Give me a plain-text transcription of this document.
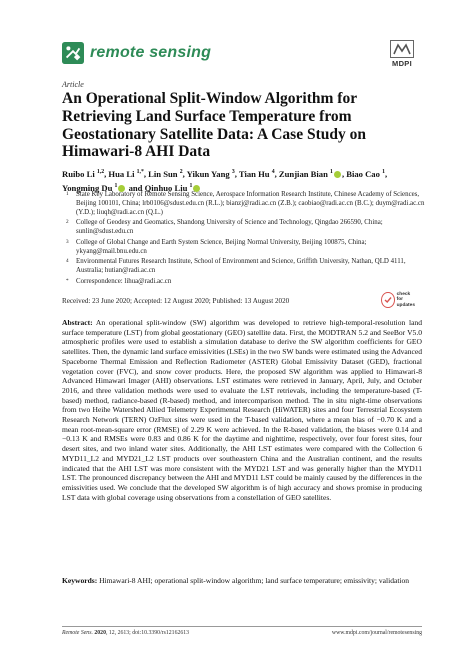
remote sensing
MDPI
Article
An Operational Split-Window Algorithm for Retrieving Land Surface Temperature from Geostationary Satellite Data: A Case Study on Himawari-8 AHI Data
Ruibo Li $^{1,2}$, Hua Li $^{1,*}$, Lin Sun $^2$, Yikun Yang $^3$, Tian Hu $^4$, Zunjian Bian $^1$ , Biao Cao $^1$, Yongming Du $^1$ and Qinhuo Liu $^1$
1	State Key Laboratory of Remote Sensing Science, Aerospace Information Research Institute, Chinese Academy of Sciences, Beijing 100101, China; lrb0106@sdust.edu.cn (R.L.); bianzj@radi.ac.cn (Z.B.); caobiao@radi.ac.cn (B.C.); duym@radi.ac.cn (Y.D.); liuqh@radi.ac.cn (Q.L.)
2	College of Geodesy and Geomatics, Shandong University of Science and Technology, Qingdao 266590, China; sunlin@sdust.edu.cn
3	College of Global Change and Earth System Science, Beijing Normal University, Beijing 100875, China; ykyang@mail.bnu.edu.cn
4	Environmental Futures Research Institute, School of Environment and Science, Griffith University, Nathan, QLD 4111, Australia; hutian@radi.ac.cn
*	Correspondence: lihua@radi.ac.cn
Received: 23 June 2020; Accepted: 12 August 2020; Published: 13 August 2020
check for
updates
Abstract: An operational split-window (SW) algorithm was developed to retrieve high-temporal-resolution land surface temperature (LST) from global geostationary (GEO) satellite data. First, the MODTRAN 5.2 and SeeBor V5.0 atmospheric profiles were used to establish a simulation database to derive the SW algorithm coefficients for GEO satellites. Then, the dynamic land surface emissivities (LSEs) in the two SW bands were estimated using the Advanced Spaceborne Thermal Emission and Reflection Radiometer (ASTER) Global Emissivity Dataset (GED), fractional vegetation cover (FVC), and snow cover products. Here, the proposed SW algorithm was applied to Himawari-8 Advanced Himawari Imager (AHI) observations. LST estimates were retrieved in January, April, July, and October 2016, and three validation methods were used to evaluate the LST retrievals, including the temperature-based (T-based) method, radiance-based (R-based) method, and intercomparison method. The in situ night-time observations from two Heihe Watershed Allied Telemetry Experimental Research (HiWATER) sites and four Terrestrial Ecosystem Research Network (TERN) OzFlux sites were used in the T-based validation, where a mean bias of −0.70 K and a mean root-mean-square error (RMSE) of 2.29 K were achieved. In the R-based validation, the biases were 0.14 and −0.13 K and RMSEs were 0.83 and 0.86 K for the daytime and nighttime, respectively, over four forest sites, four desert sites, and two inland water sites. Additionally, the AHI LST estimates were compared with the Collection 6 MYD11_L2 and MYD21_L2 LST products over southeastern China and the Australian continent, and the results indicated that the AHI LST was more consistent with the MYD21 LST and was generally higher than the MYD11 LST. The pronounced discrepancy between the AHI and MYD11 LST could be mainly caused by the differences in the emissivities used. We conclude that the developed SW algorithm is of high accuracy and shows promise in producing LST data with global coverage using observations from a constellation of GEO satellites.
Keywords: Himawari-8 AHI; operational split-window algorithm; land surface temperature; emissivity; validation
Remote Sens. 2020, 12, 2613; doi:10.3390/rs12162613	www.mdpi.com/journal/remotesensing
